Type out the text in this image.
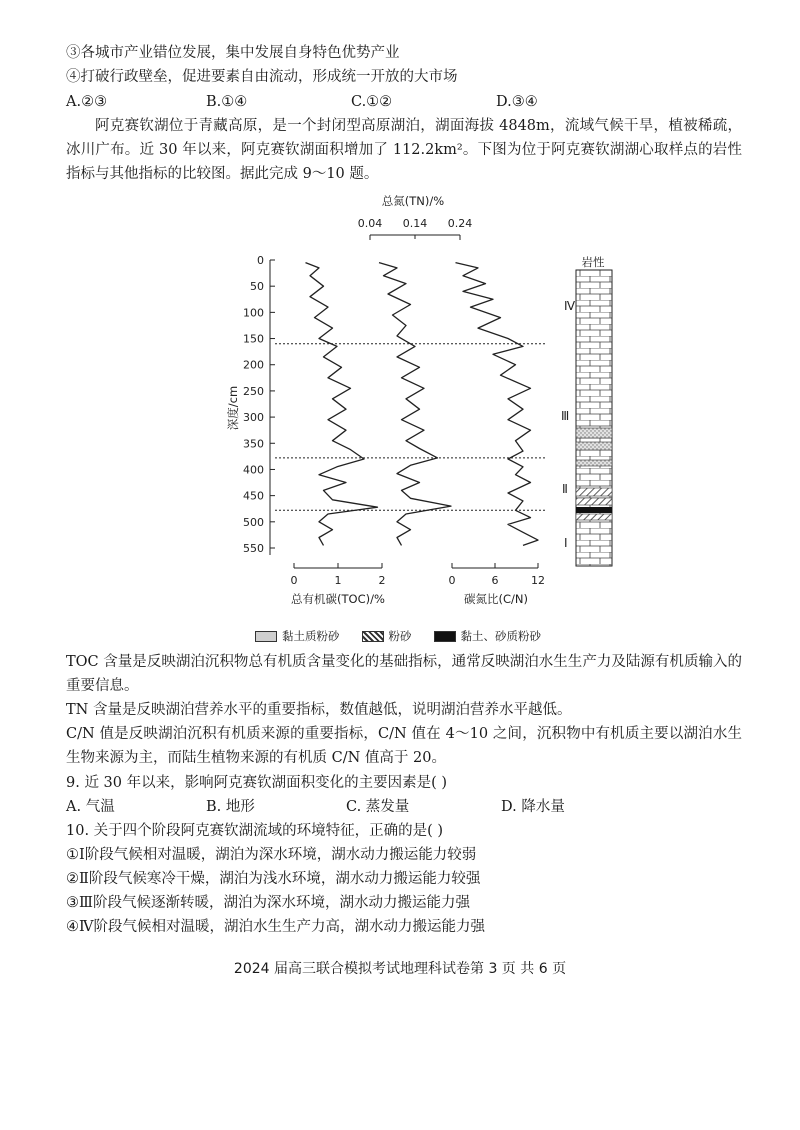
③各城市产业错位发展，集中发展自身特色优势产业
④打破行政壁垒，促进要素自由流动，形成统一开放的大市场
A.②③	B.①④	C.①②	D.③④
阿克赛钦湖位于青藏高原，是一个封闭型高原湖泊，湖面海拔 4848m，流域气候干旱，植被稀疏，冰川广布。近 30 年以来，阿克赛钦湖面积增加了 112.2km²。下图为位于阿克赛钦湖湖心取样点的岩性指标与其他指标的比较图。据此完成 9～10 题。
总氮(TN)/%
0.04 0.14 0.24
0
50
100
150
200
250
300
350
400
450
500
550
深度/cm
0	1	2
总有机碳(TOC)/%
0	6	12
碳氮比(C/N)
Ⅳ
Ⅲ
Ⅱ
Ⅰ
岩性
黏土质粉砂	粉砂	黏土、砂质粉砂
TOC 含量是反映湖泊沉积物总有机质含量变化的基础指标，通常反映湖泊水生生产力及陆源有机质输入的重要信息。
TN 含量是反映湖泊营养水平的重要指标，数值越低，说明湖泊营养水平越低。
C/N 值是反映湖泊沉积有机质来源的重要指标，C/N 值在 4～10 之间，沉积物中有机质主要以湖泊水生生物来源为主，而陆生植物来源的有机质 C/N 值高于 20。
9. 近 30 年以来，影响阿克赛钦湖面积变化的主要因素是( )
A. 气温	B. 地形	C. 蒸发量	D. 降水量
10. 关于四个阶段阿克赛钦湖流域的环境特征，正确的是( )
①Ⅰ阶段气候相对温暖，湖泊为深水环境，湖水动力搬运能力较弱
②Ⅱ阶段气候寒冷干燥，湖泊为浅水环境，湖水动力搬运能力较强
③Ⅲ阶段气候逐渐转暖，湖泊为深水环境，湖水动力搬运能力强
④Ⅳ阶段气候相对温暖，湖泊水生生产力高，湖水动力搬运能力强
2024 届高三联合模拟考试地理科试卷第 3 页 共 6 页
